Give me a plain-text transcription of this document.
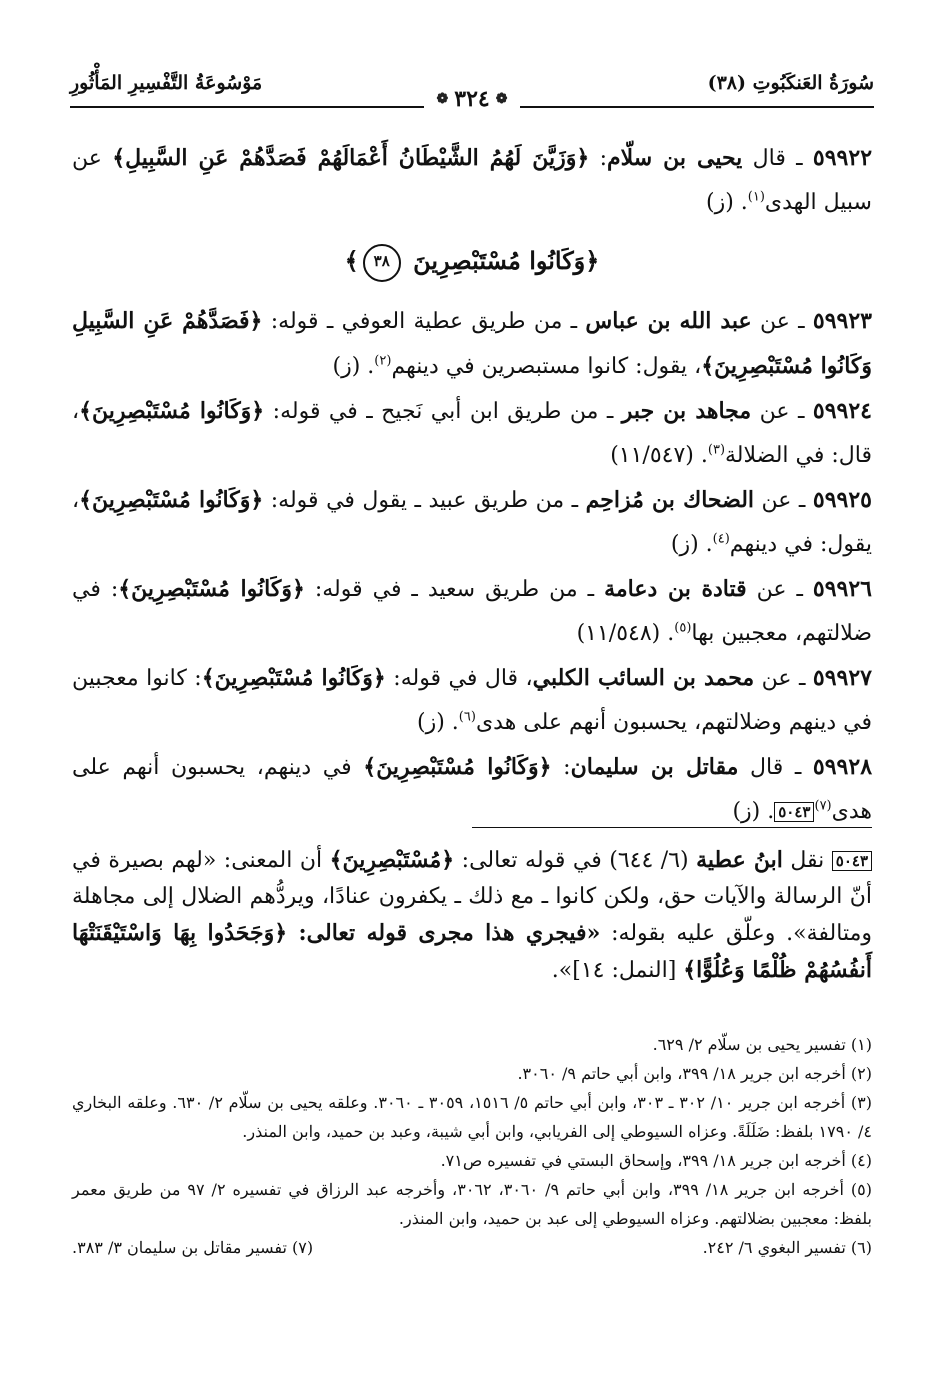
سُورَةُ العَنكَبُوتِ (٣٨)
❁
٣٢٤
❁
مَوْسُوعَةُ التَّفْسِيرِ المَأْثُورِ

٥٩٩٢٢ ـ قال يحيى بن سلّام: ﴿وَزَيَّنَ لَهُمُ الشَّيْطَانُ أَعْمَالَهُمْ فَصَدَّهُمْ عَنِ السَّبِيلِ﴾ عن سبيل الهدى$^{(١)}$. (ز)

﴿وَكَانُوا مُسْتَبْصِرِينَ ٣٨﴾

٥٩٩٢٣ ـ عن عبد الله بن عباس ـ من طريق عطية العوفي ـ قوله: ﴿فَصَدَّهُمْ عَنِ السَّبِيلِ وَكَانُوا مُسْتَبْصِرِينَ﴾، يقول: كانوا مستبصرين في دينهم$^{(٢)}$. (ز)

٥٩٩٢٤ ـ عن مجاهد بن جبر ـ من طريق ابن أبي نَجيح ـ في قوله: ﴿وَكَانُوا مُسْتَبْصِرِينَ﴾، قال: في الضلالة$^{(٣)}$. (١١/٥٤٧)

٥٩٩٢٥ ـ عن الضحاك بن مُزاحِم ـ من طريق عبيد ـ يقول في قوله: ﴿وَكَانُوا مُسْتَبْصِرِينَ﴾، يقول: في دينهم$^{(٤)}$. (ز)

٥٩٩٢٦ ـ عن قتادة بن دعامة ـ من طريق سعيد ـ في قوله: ﴿وَكَانُوا مُسْتَبْصِرِينَ﴾: في ضلالتهم، معجبين بها$^{(٥)}$. (١١/٥٤٨)

٥٩٩٢٧ ـ عن محمد بن السائب الكلبي، قال في قوله: ﴿وَكَانُوا مُسْتَبْصِرِينَ﴾: كانوا معجبين في دينهم وضلالتهم، يحسبون أنهم على هدى$^{(٦)}$. (ز)

٥٩٩٢٨ ـ قال مقاتل بن سليمان: ﴿وَكَانُوا مُسْتَبْصِرِينَ﴾ في دينهم، يحسبون أنهم على هدى$^{(٧)}$٥٠٤٣. (ز)

٥٠٤٣ نقل ابنُ عطية (٦/ ٦٤٤) في قوله تعالى: ﴿مُسْتَبْصِرِينَ﴾ أن المعنى: «لهم بصيرة في أنّ الرسالة والآيات حق، ولكن كانوا ـ مع ذلك ـ يكفرون عنادًا، ويردُّهم الضلال إلى مجاهلة ومتالفة». وعلّق عليه بقوله: «فيجري هذا مجرى قوله تعالى: ﴿وَجَحَدُوا بِهَا وَاسْتَيْقَنَتْهَا أَنفُسُهُمْ ظُلْمًا وَعُلُوًّا﴾ [النمل: ١٤]».

(١) تفسير يحيى بن سلّام ٢/ ٦٢٩.

(٢) أخرجه ابن جرير ١٨/ ٣٩٩، وابن أبي حاتم ٩/ ٣٠٦٠.

(٣) أخرجه ابن جرير ١٠/ ٣٠٢ ـ ٣٠٣، وابن أبي حاتم ٥/ ١٥١٦، ٣٠٥٩ ـ ٣٠٦٠. وعلقه يحيى بن سلّام ٢/ ٦٣٠. وعلقه البخاري ٤/ ١٧٩٠ بلفظ: ضَلَلَةً. وعزاه السيوطي إلى الفريابي، وابن أبي شيبة، وعبد بن حميد، وابن المنذر.

(٤) أخرجه ابن جرير ١٨/ ٣٩٩، وإسحاق البستي في تفسيره ص٧١.

(٥) أخرجه ابن جرير ١٨/ ٣٩٩، وابن أبي حاتم ٩/ ٣٠٦٠، ٣٠٦٢، وأخرجه عبد الرزاق في تفسيره ٢/ ٩٧ من طريق معمر بلفظ: معجبين بضلالتهم. وعزاه السيوطي إلى عبد بن حميد، وابن المنذر.

(٦) تفسير البغوي ٦/ ٢٤٢.
(٧) تفسير مقاتل بن سليمان ٣/ ٣٨٣.
